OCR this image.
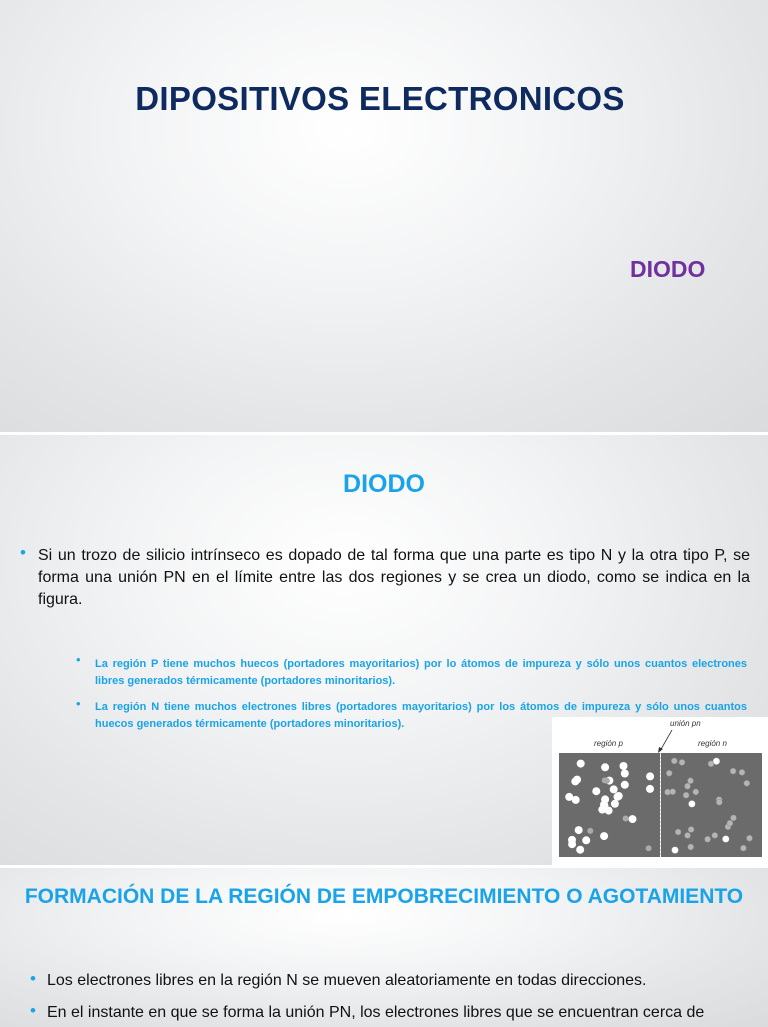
DIPOSITIVOS ELECTRONICOS
DIODO
DIODO
• Si un trozo de silicio intrínseco es dopado de tal forma que una parte es tipo N y la otra tipo P, se forma una unión PN en el límite entre las dos regiones y se crea un diodo, como se indica en la figura.

• La región P tiene muchos huecos (portadores mayoritarios) por lo átomos de impureza y sólo unos cuantos electrones libres generados térmicamente (portadores minoritarios).

• La región N tiene muchos electrones libres (portadores mayoritarios) por los átomos de impureza y sólo unos cuantos huecos generados térmicamente (portadores minoritarios).	unión pn
región p	región n
FORMACIÓN DE LA REGIÓN DE EMPOBRECIMIENTO O AGOTAMIENTO
• Los electrones libres en la región N se mueven aleatoriamente en todas direcciones.

• En el instante en que se forma la unión PN, los electrones libres que se encuentran cerca de
